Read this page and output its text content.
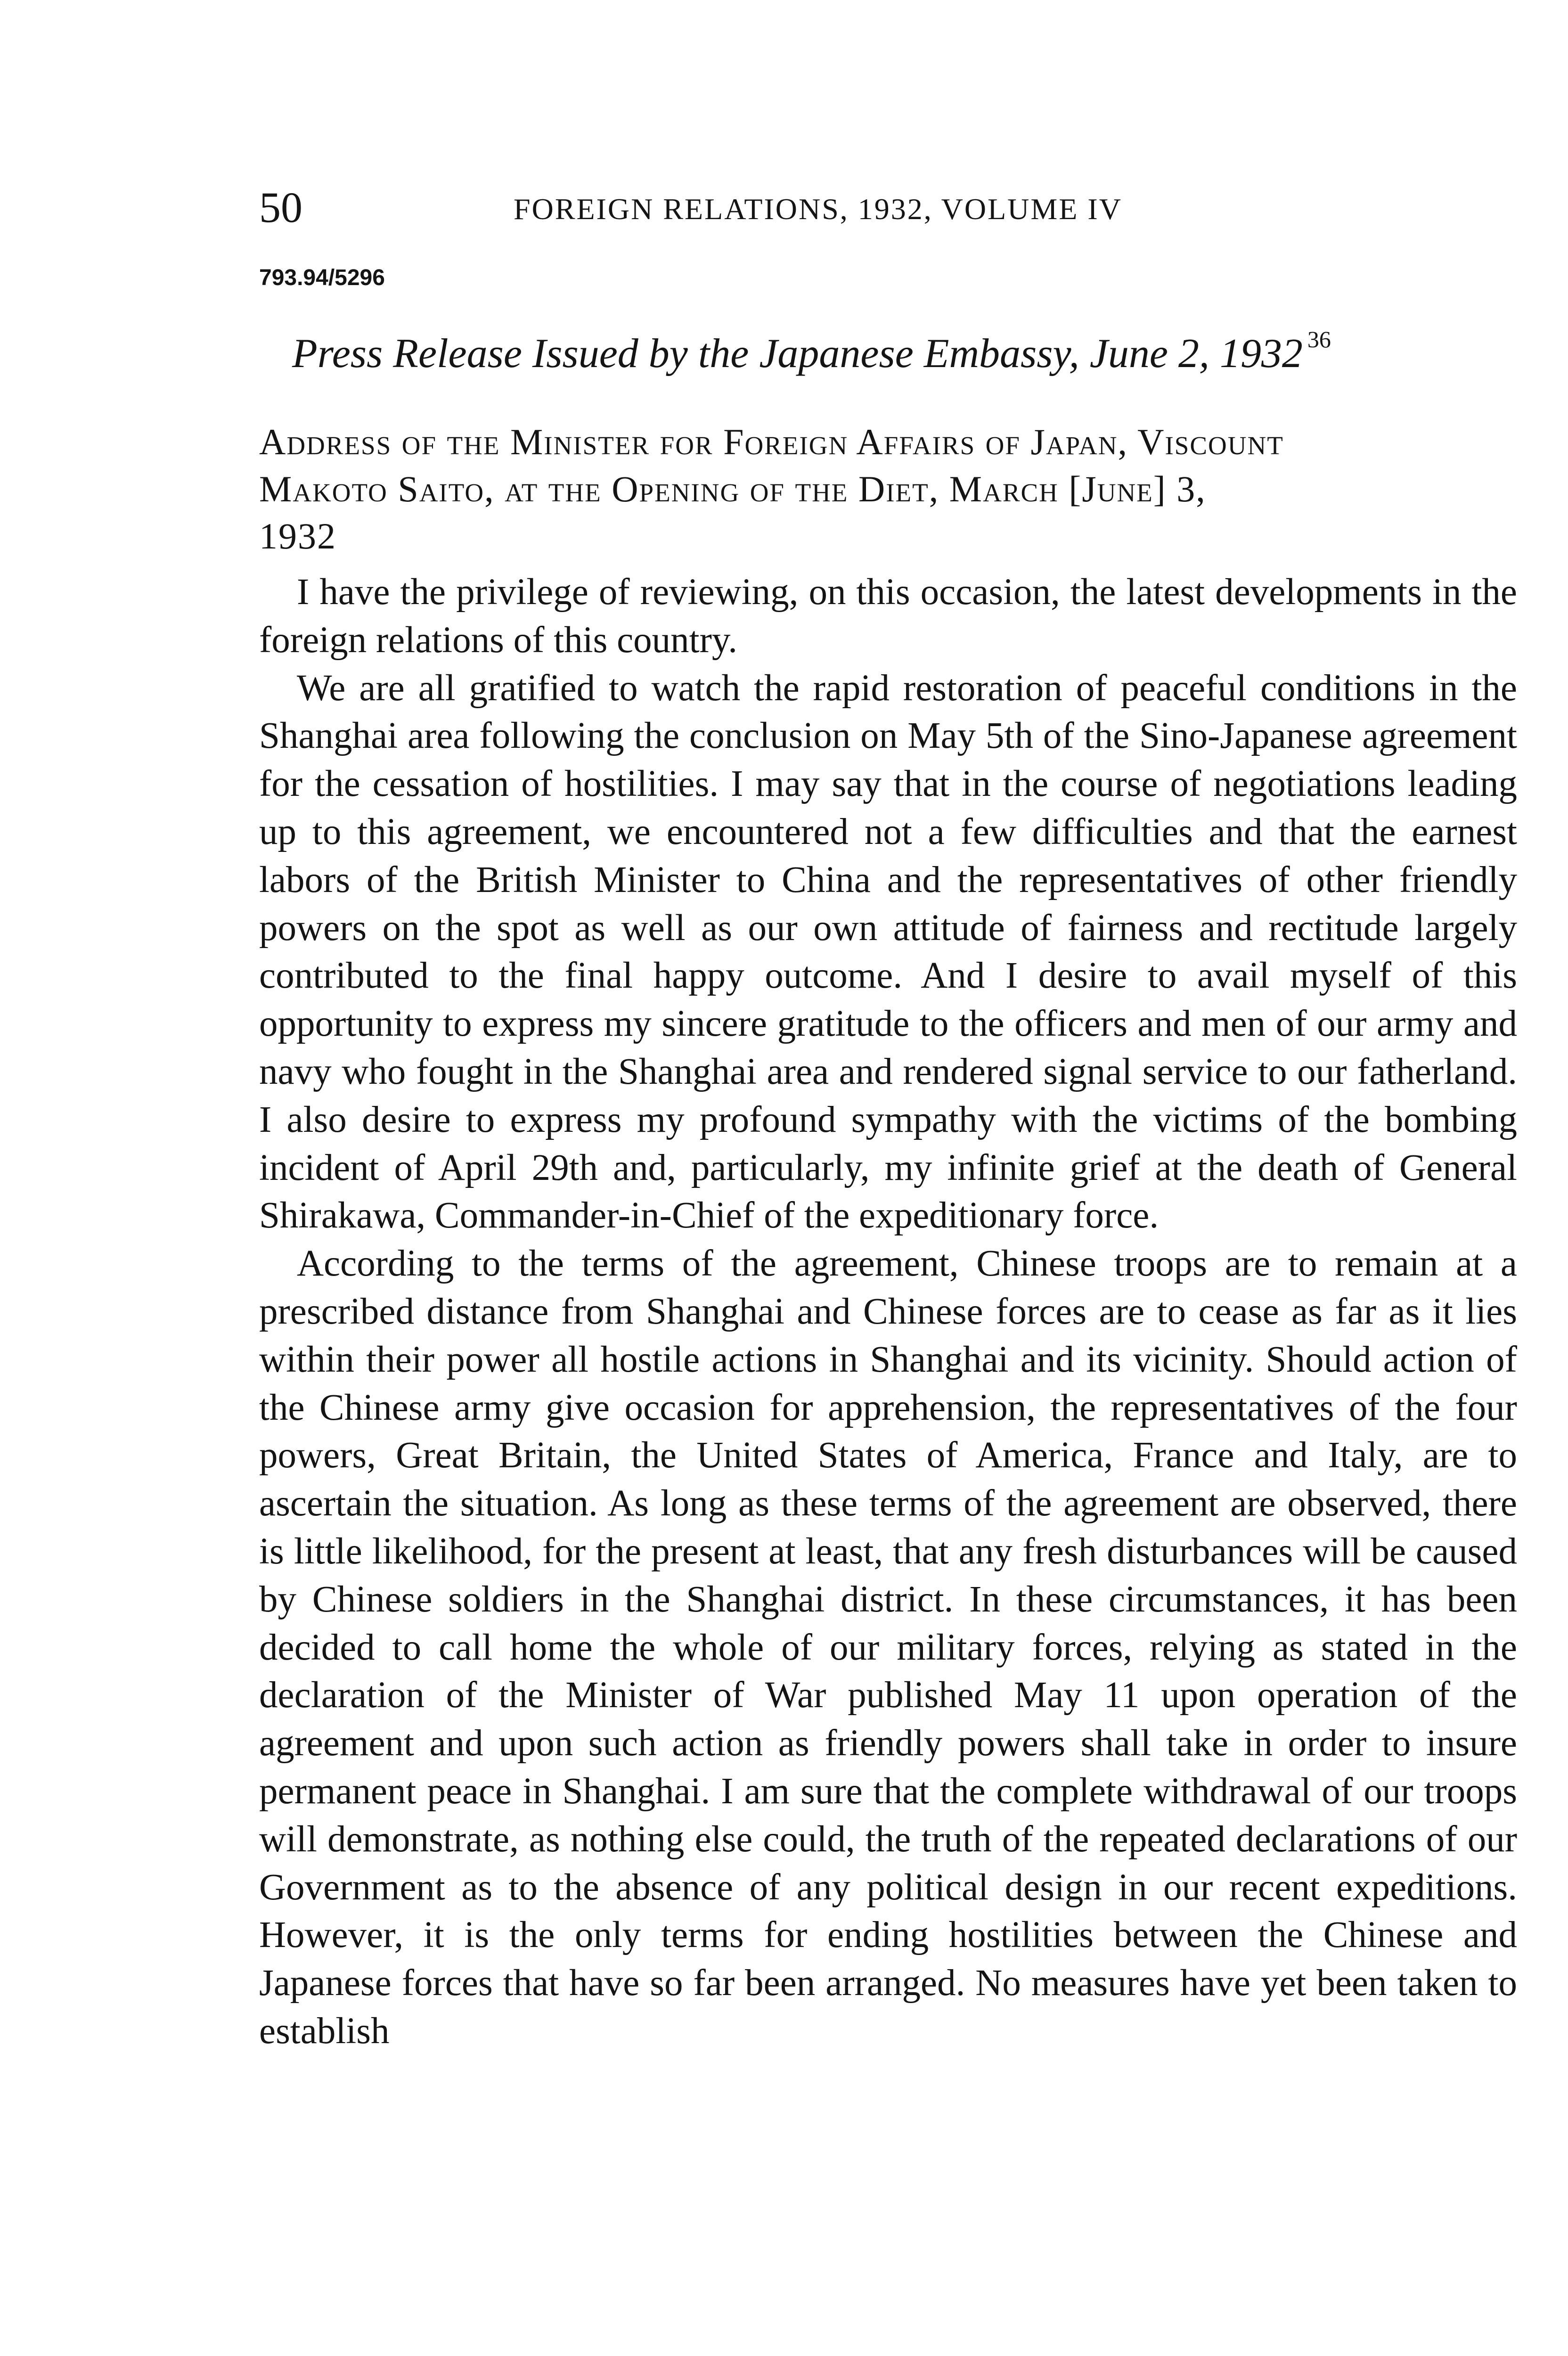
50	FOREIGN RELATIONS, 1932, VOLUME IV
793.94/5296
Press Release Issued by the Japanese Embassy, June 2, 1932 $^{36}$
Address of the Minister for Foreign Affairs of Japan, Viscount
Makoto Saito, at the Opening of the Diet, March [June] 3,
1932

I have the privilege of reviewing, on this occasion, the latest developments in the foreign relations of this country.

We are all gratified to watch the rapid restoration of peaceful conditions in the Shanghai area following the conclusion on May 5th of the Sino-Japanese agreement for the cessation of hostilities. I may say that in the course of negotiations leading up to this agreement, we encountered not a few difficulties and that the earnest labors of the British Minister to China and the representatives of other friendly powers on the spot as well as our own attitude of fairness and rectitude largely contributed to the final happy outcome. And I desire to avail myself of this opportunity to express my sincere gratitude to the officers and men of our army and navy who fought in the Shanghai area and rendered signal service to our fatherland. I also desire to express my profound sympathy with the victims of the bombing incident of April 29th and, particularly, my infinite grief at the death of General Shirakawa, Commander-in-Chief of the expeditionary force.

According to the terms of the agreement, Chinese troops are to remain at a prescribed distance from Shanghai and Chinese forces are to cease as far as it lies within their power all hostile actions in Shanghai and its vicinity. Should action of the Chinese army give occasion for apprehension, the representatives of the four powers, Great Britain, the United States of America, France and Italy, are to ascertain the situation. As long as these terms of the agreement are observed, there is little likelihood, for the present at least, that any fresh disturbances will be caused by Chinese soldiers in the Shanghai district. In these circumstances, it has been decided to call home the whole of our military forces, relying as stated in the declaration of the Minister of War published May 11 upon operation of the agreement and upon such action as friendly powers shall take in order to insure permanent peace in Shanghai. I am sure that the complete withdrawal of our troops will demonstrate, as nothing else could, the truth of the repeated declarations of our Government as to the absence of any political design in our recent expeditions. However, it is the only terms for ending hostilities between the Chinese and Japanese forces that have so far been arranged. No measures have yet been taken to establish
